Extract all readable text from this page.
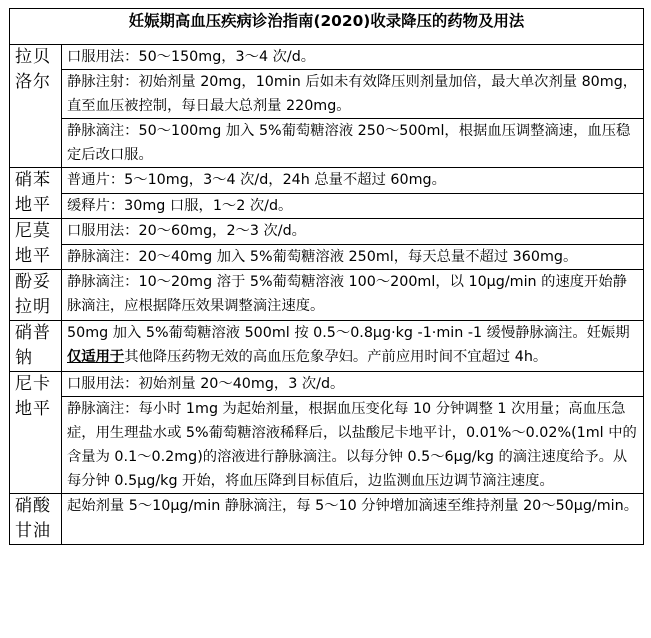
妊娠期高血压疾病诊治指南(2020)收录降压的药物及用法	
拉贝洛尔	口服用法：50～150mg，3～4 次/d。
	静脉注射：初始剂量 20mg，10min 后如未有效降压则剂量加倍，最大单次剂量 80mg，直至血压被控制，每日最大总剂量 220mg。
	静脉滴注：50～100mg 加入 5%葡萄糖溶液 250～500ml，根据血压调整滴速，血压稳定后改口服。
硝苯地平	普通片：5～10mg，3～4 次/d，24h 总量不超过 60mg。
	缓释片：30mg 口服，1～2 次/d。
尼莫地平	口服用法：20～60mg，2～3 次/d。
	静脉滴注：20～40mg 加入 5%葡萄糖溶液 250ml，每天总量不超过 360mg。
酚妥拉明	静脉滴注：10～20mg 溶于 5%葡萄糖溶液 100～200ml，以 10μg/min 的速度开始静脉滴注，应根据降压效果调整滴注速度。
硝普钠	50mg 加入 5%葡萄糖溶液 500ml 按 0.5～0.8μg·kg -1·min -1 缓慢静脉滴注。妊娠期仅适用于其他降压药物无效的高血压危象孕妇。产前应用时间不宜超过 4h。
尼卡地平	口服用法：初始剂量 20～40mg，3 次/d。
	静脉滴注：每小时 1mg 为起始剂量，根据血压变化每 10 分钟调整 1 次用量；高血压急症，用生理盐水或 5%葡萄糖溶液稀释后，以盐酸尼卡地平计，0.01%～0.02%(1ml 中的含量为 0.1～0.2mg)的溶液进行静脉滴注。以每分钟 0.5～6μg/kg 的滴注速度给予。从每分钟 0.5μg/kg 开始，将血压降到目标值后，边监测血压边调节滴注速度。
硝酸甘油	起始剂量 5～10μg/min 静脉滴注，每 5～10 分钟增加滴速至维持剂量 20～50μg/min。
